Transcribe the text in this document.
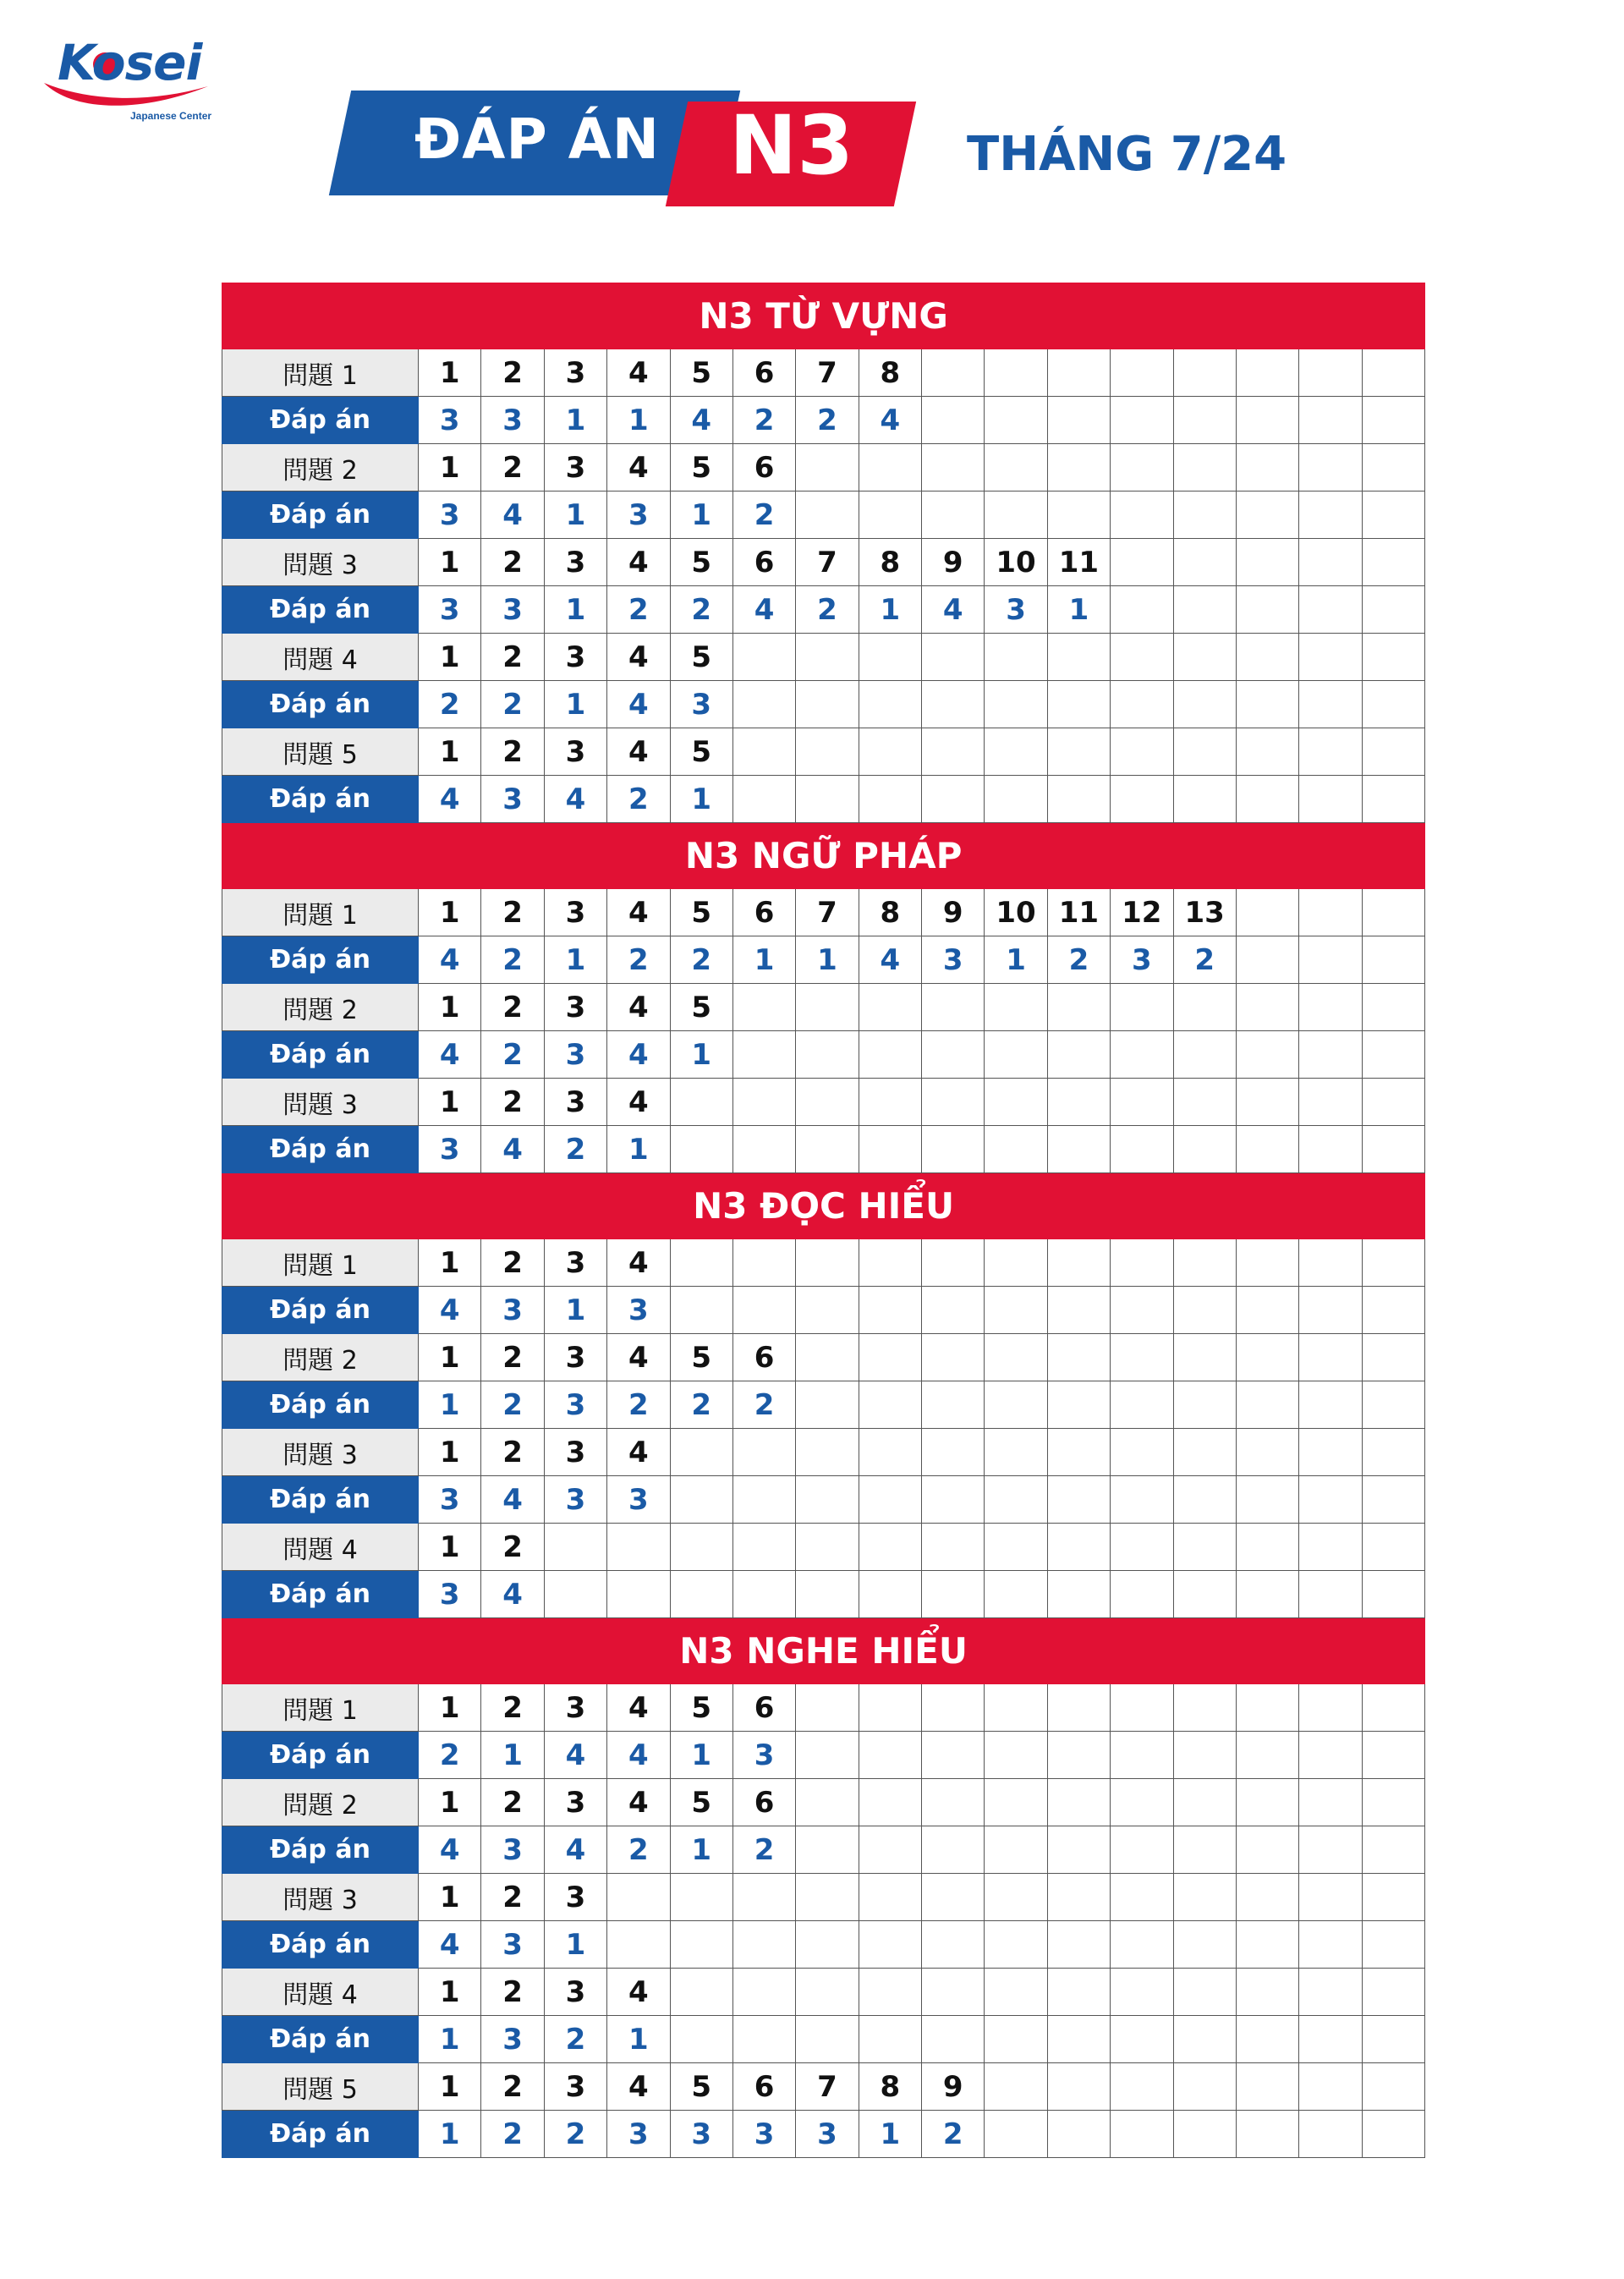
Kosei
Japanese Center	ĐÁP ÁN N3 THÁNG 7/24
N3 TỪ VỰNG																
問題 1	1	2	3	4	5	6	7	8								
Đáp án	3	3	1	1	4	2	2	4								
問題 2	1	2	3	4	5	6										
Đáp án	3	4	1	3	1	2										
問題 3	1	2	3	4	5	6	7	8	9	10	11					
Đáp án	3	3	1	2	2	4	2	1	4	3	1					
問題 4	1	2	3	4	5											
Đáp án	2	2	1	4	3											
問題 5	1	2	3	4	5											
Đáp án	4	3	4	2	1											
N3 NGỮ PHÁP																
問題 1	1	2	3	4	5	6	7	8	9	10	11	12	13			
Đáp án	4	2	1	2	2	1	1	4	3	1	2	3	2			
問題 2	1	2	3	4	5											
Đáp án	4	2	3	4	1											
問題 3	1	2	3	4												
Đáp án	3	4	2	1												
N3 ĐỌC HIỂU																
問題 1	1	2	3	4												
Đáp án	4	3	1	3												
問題 2	1	2	3	4	5	6										
Đáp án	1	2	3	2	2	2										
問題 3	1	2	3	4												
Đáp án	3	4	3	3												
問題 4	1	2														
Đáp án	3	4														
N3 NGHE HIỂU																
問題 1	1	2	3	4	5	6										
Đáp án	2	1	4	4	1	3										
問題 2	1	2	3	4	5	6										
Đáp án	4	3	4	2	1	2										
問題 3	1	2	3													
Đáp án	4	3	1													
問題 4	1	2	3	4												
Đáp án	1	3	2	1												
問題 5	1	2	3	4	5	6	7	8	9							
Đáp án	1	2	2	3	3	3	3	1	2							
